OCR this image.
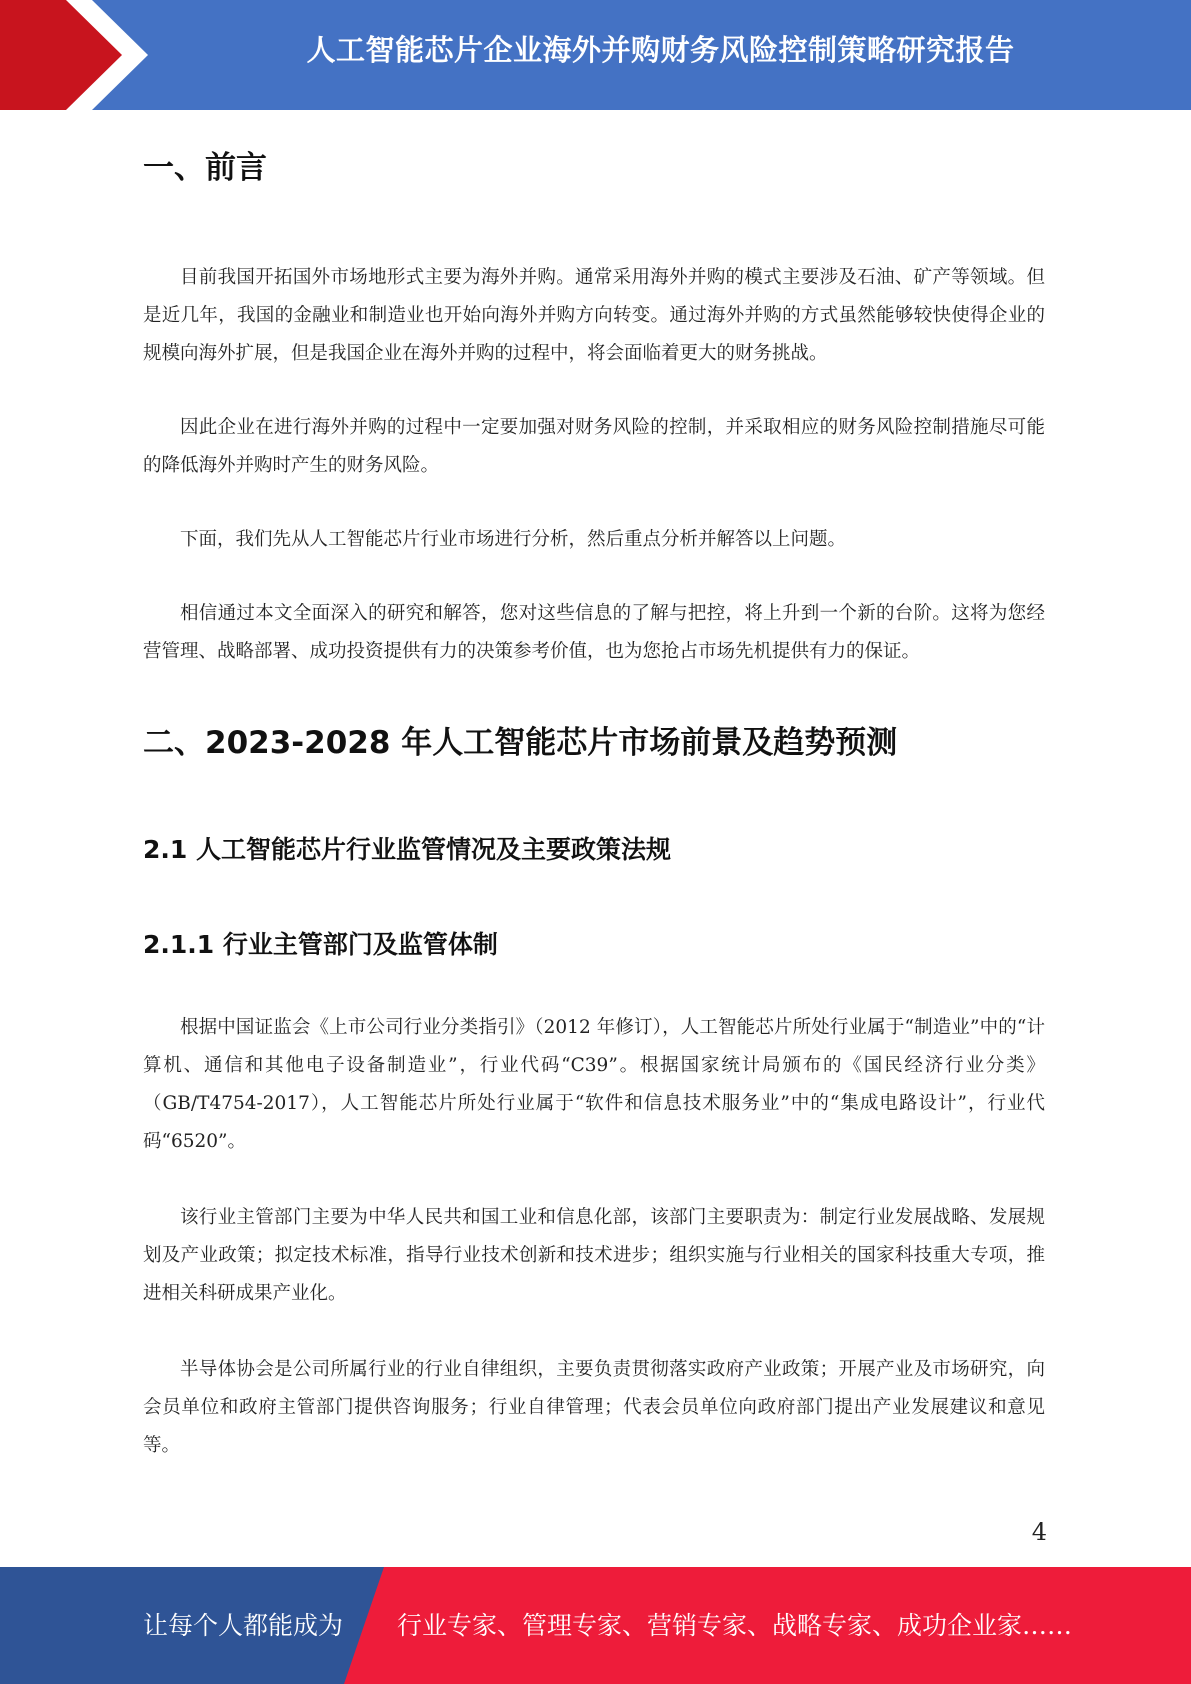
人工智能芯片企业海外并购财务风险控制策略研究报告
一、前言

目前我国开拓国外市场地形式主要为海外并购。通常采用海外并购的模式主要涉及石油、矿产等领域。但是近几年，我国的金融业和制造业也开始向海外并购方向转变。通过海外并购的方式虽然能够较快使得企业的规模向海外扩展，但是我国企业在海外并购的过程中，将会面临着更大的财务挑战。

因此企业在进行海外并购的过程中一定要加强对财务风险的控制，并采取相应的财务风险控制措施尽可能的降低海外并购时产生的财务风险。

下面，我们先从人工智能芯片行业市场进行分析，然后重点分析并解答以上问题。

相信通过本文全面深入的研究和解答，您对这些信息的了解与把控，将上升到一个新的台阶。这将为您经营管理、战略部署、成功投资提供有力的决策参考价值，也为您抢占市场先机提供有力的保证。

二、2023-2028 年人工智能芯片市场前景及趋势预测
2.1 人工智能芯片行业监管情况及主要政策法规
2.1.1 行业主管部门及监管体制

根据中国证监会《上市公司行业分类指引》（2012 年修订），人工智能芯片所处行业属于“制造业”中的“计算机、通信和其他电子设备制造业”，行业代码“C39”。根据国家统计局颁布的《国民经济行业分类》（GB/T4754-2017），人工智能芯片所处行业属于“软件和信息技术服务业”中的“集成电路设计”，行业代码“6520”。

该行业主管部门主要为中华人民共和国工业和信息化部，该部门主要职责为：制定行业发展战略、发展规划及产业政策；拟定技术标准，指导行业技术创新和技术进步；组织实施与行业相关的国家科技重大专项，推进相关科研成果产业化。

半导体协会是公司所属行业的行业自律组织，主要负责贯彻落实政府产业政策；开展产业及市场研究，向会员单位和政府主管部门提供咨询服务；行业自律管理；代表会员单位向政府部门提出产业发展建议和意见等。

4
让每个人都能成为 行业专家、管理专家、营销专家、战略专家、成功企业家……
